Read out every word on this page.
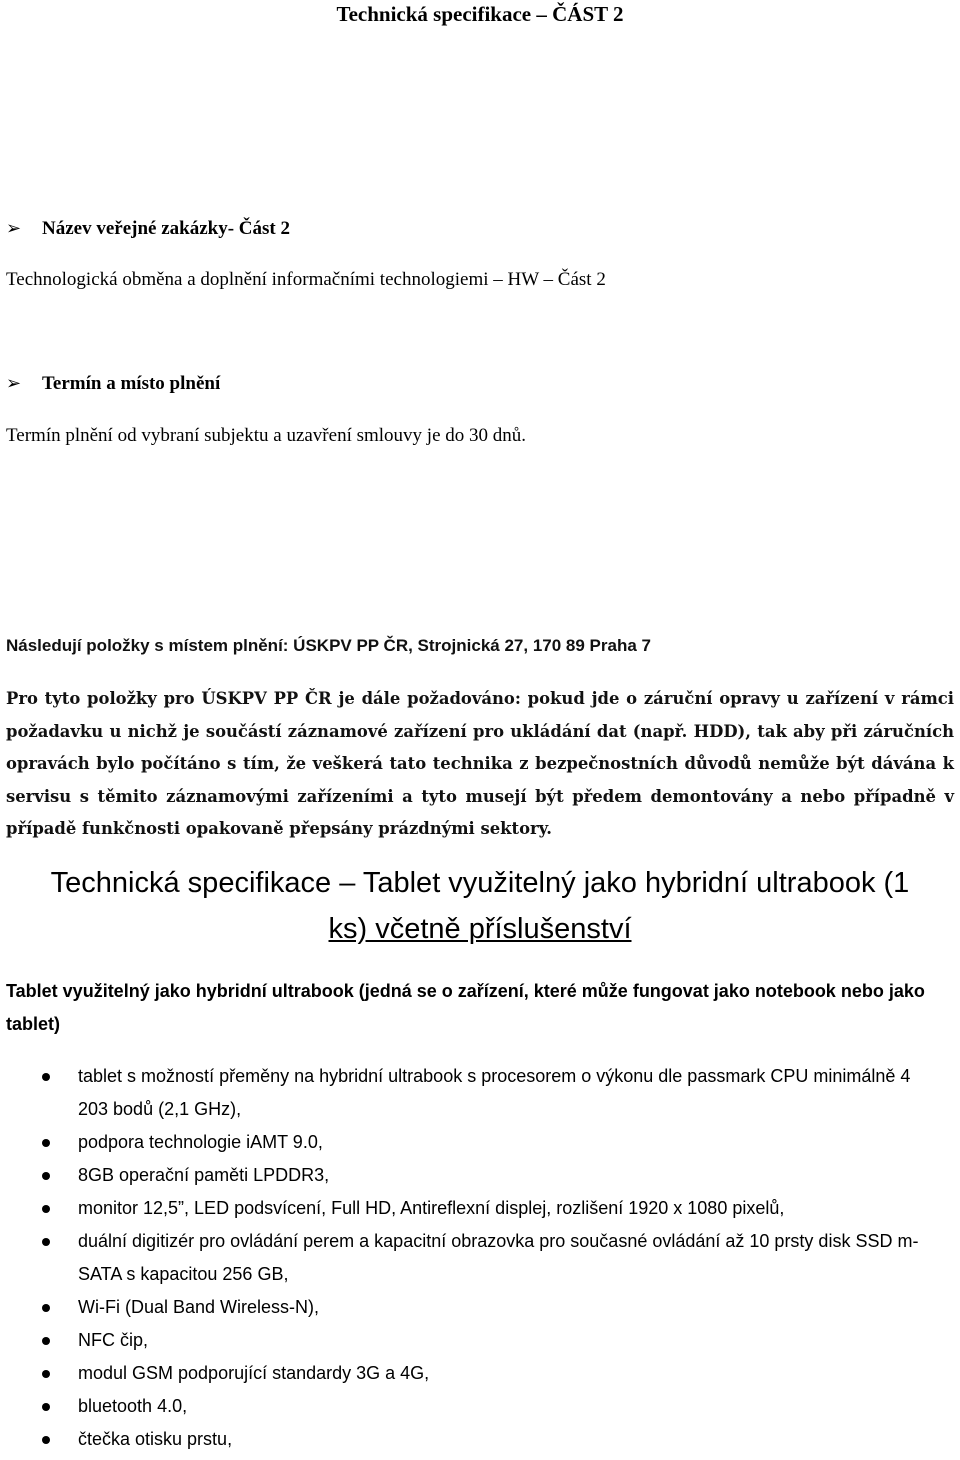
Technická specifikace – ČÁST 2
➢ Název veřejné zakázky- Část 2
Technologická obměna a doplnění informačními technologiemi – HW – Část 2
➢ Termín a místo plnění
Termín plnění od vybraní subjektu a uzavření smlouvy je do 30 dnů.
Následují položky s místem plnění: ÚSKPV PP ČR, Strojnická 27, 170 89 Praha 7
Pro tyto položky pro ÚSKPV PP ČR je dále požadováno: pokud jde o záruční opravy u zařízení v rámci požadavku u nichž je součástí záznamové zařízení pro ukládání dat (např. HDD), tak aby při záručních opravách bylo počítáno s tím, že veškerá tato technika z bezpečnostních důvodů nemůže být dávána k servisu s těmito záznamovými zařízeními a tyto musejí být předem demontovány a nebo případně v případě funkčnosti opakovaně přepsány prázdnými sektory.
Technická specifikace – Tablet využitelný jako hybridní ultrabook (1
ks) včetně příslušenství
Tablet využitelný jako hybridní ultrabook (jedná se o zařízení, které může fungovat jako notebook nebo jako tablet)
tablet s možností přeměny na hybridní ultrabook s procesorem o výkonu dle passmark CPU minimálně 4 203 bodů (2,1 GHz),
podpora technologie iAMT 9.0,
8GB operační paměti LPDDR3,
monitor 12,5”, LED podsvícení, Full HD, Antireflexní displej, rozlišení 1920 x 1080 pixelů,
duální digitizér pro ovládání perem a kapacitní obrazovka pro současné ovládání až 10 prsty disk SSD m-SATA s kapacitou 256 GB,
Wi-Fi (Dual Band Wireless-N),
NFC čip,
modul GSM podporující standardy 3G a 4G,
bluetooth 4.0,
čtečka otisku prstu,
